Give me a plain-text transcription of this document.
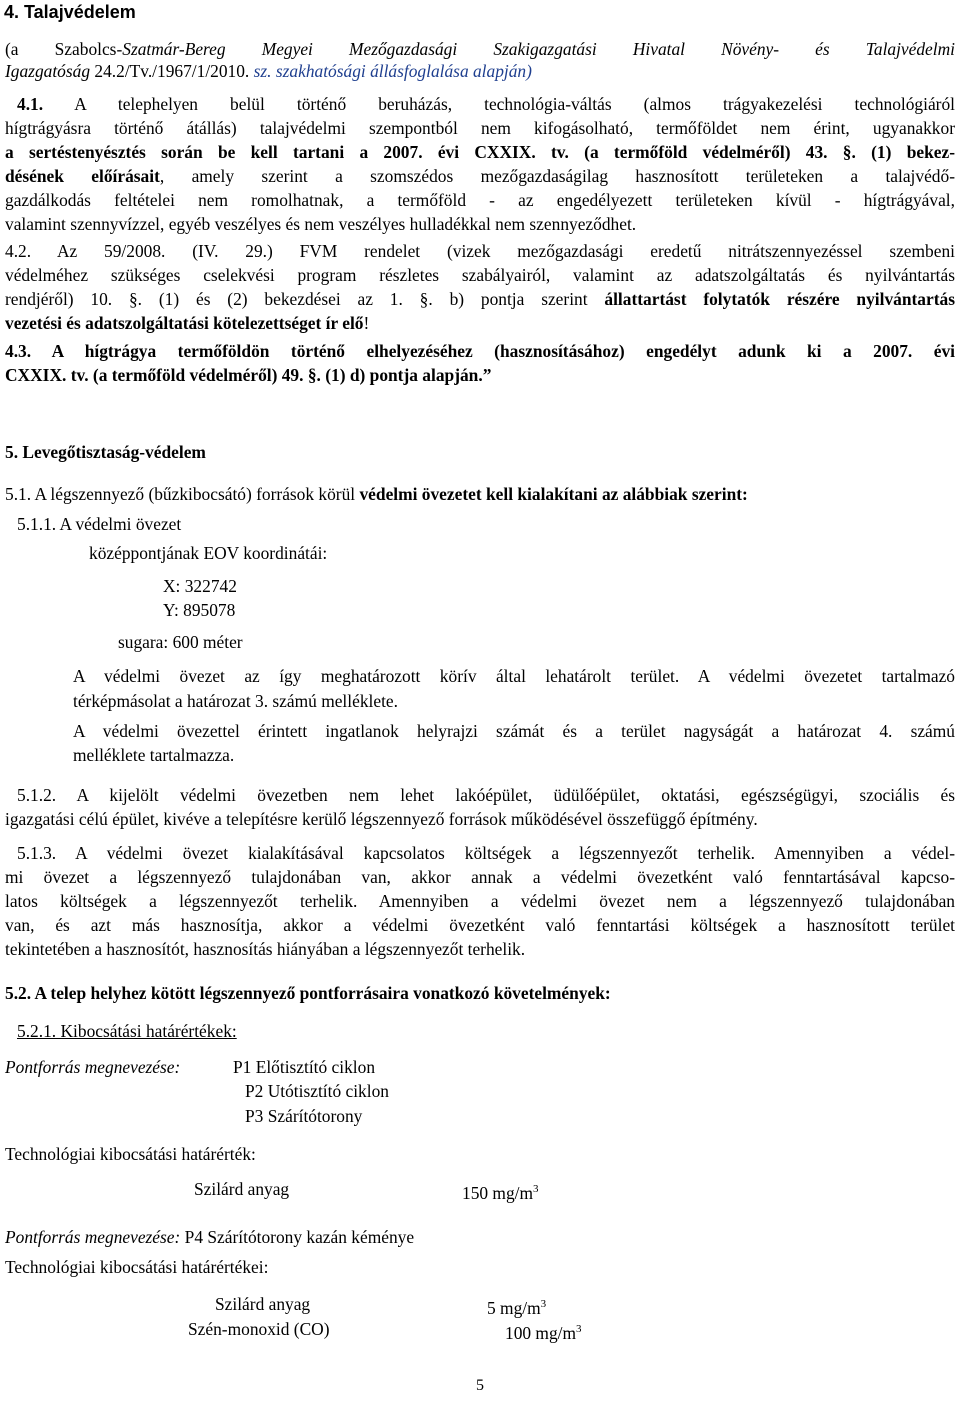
4. Talajvédelem

(a Szabolcs-Szatmár-Bereg Megyei Mezőgazdasági Szakigazgatási Hivatal Növény- és Talajvédelmi

Igazgatóság 24.2/Tv./1967/1/2010. sz. szakhatósági állásfoglalása alapján)

4.1. A telephelyen belül történő beruházás, technológia-váltás (almos trágyakezelési technológiáról

hígtrágyásra történő átállás) talajvédelmi szempontból nem kifogásolható, termőföldet nem érint, ugyanakkor

a sertéstenyésztés során be kell tartani a 2007. évi CXXIX. tv. (a termőföld védelméről) 43. §. (1) bekez-

désének előírásait, amely szerint a szomszédos mezőgazdaságilag hasznosított területeken a talajvédő-

gazdálkodás feltételei nem romolhatnak, a termőföld - az engedélyezett területeken kívül - hígtrágyával,

valamint szennyvízzel, egyéb veszélyes és nem veszélyes hulladékkal nem szennyeződhet.

4.2. Az 59/2008. (IV. 29.) FVM rendelet (vizek mezőgazdasági eredetű nitrátszennyezéssel szembeni

védelméhez szükséges cselekvési program részletes szabályairól, valamint az adatszolgáltatás és nyilvántartás

rendjéről) 10. §. (1) és (2) bekezdései az 1. §. b) pontja szerint állattartást folytatók részére nyilvántartás

vezetési és adatszolgáltatási kötelezettséget ír elő!

4.3. A hígtrágya termőföldön történő elhelyezéséhez (hasznosításához) engedélyt adunk ki a 2007. évi

CXXIX. tv. (a termőföld védelméről) 49. §. (1) d) pontja alapján.”

5. Levegőtisztaság-védelem

5.1. A légszennyező (bűzkibocsátó) források körül védelmi övezetet kell kialakítani az alábbiak szerint:

5.1.1. A védelmi övezet

középpontjának EOV koordinátái:

X: 322742

Y: 895078

sugara: 600 méter

A védelmi övezet az így meghatározott körív által lehatárolt terület. A védelmi övezetet tartalmazó

térképmásolat a határozat 3. számú melléklete.

A védelmi övezettel érintett ingatlanok helyrajzi számát és a terület nagyságát a határozat 4. számú

melléklete tartalmazza.

5.1.2. A kijelölt védelmi övezetben nem lehet lakóépület, üdülőépület, oktatási, egészségügyi, szociális és

igazgatási célú épület, kivéve a telepítésre kerülő légszennyező források működésével összefüggő építmény.

5.1.3. A védelmi övezet kialakításával kapcsolatos költségek a légszennyezőt terhelik. Amennyiben a védel-

mi övezet a légszennyező tulajdonában van, akkor annak a védelmi övezetként való fenntartásával kapcso-

latos költségek a légszennyezőt terhelik. Amennyiben a védelmi övezet nem a légszennyező tulajdonában

van, és azt más hasznosítja, akkor a védelmi övezetként való fenntartási költségek a hasznosított terület

tekintetében a hasznosítót, hasznosítás hiányában a légszennyezőt terhelik.

5.2. A telep helyhez kötött légszennyező pontforrásaira vonatkozó követelmények:

5.2.1. Kibocsátási határértékek:

Pontforrás megnevezése:	P1 Előtisztító ciklon

P2 Utótisztító ciklon

P3 Szárítótorony

Technológiai kibocsátási határérték:

Szilárd anyag	150 $mg/m^3$

Pontforrás megnevezése: P4 Szárítótorony kazán kéménye

Technológiai kibocsátási határértékei:

Szilárd anyag	5 $mg/m^3$

Szén-monoxid (CO)	100 $mg/m^3$

5
